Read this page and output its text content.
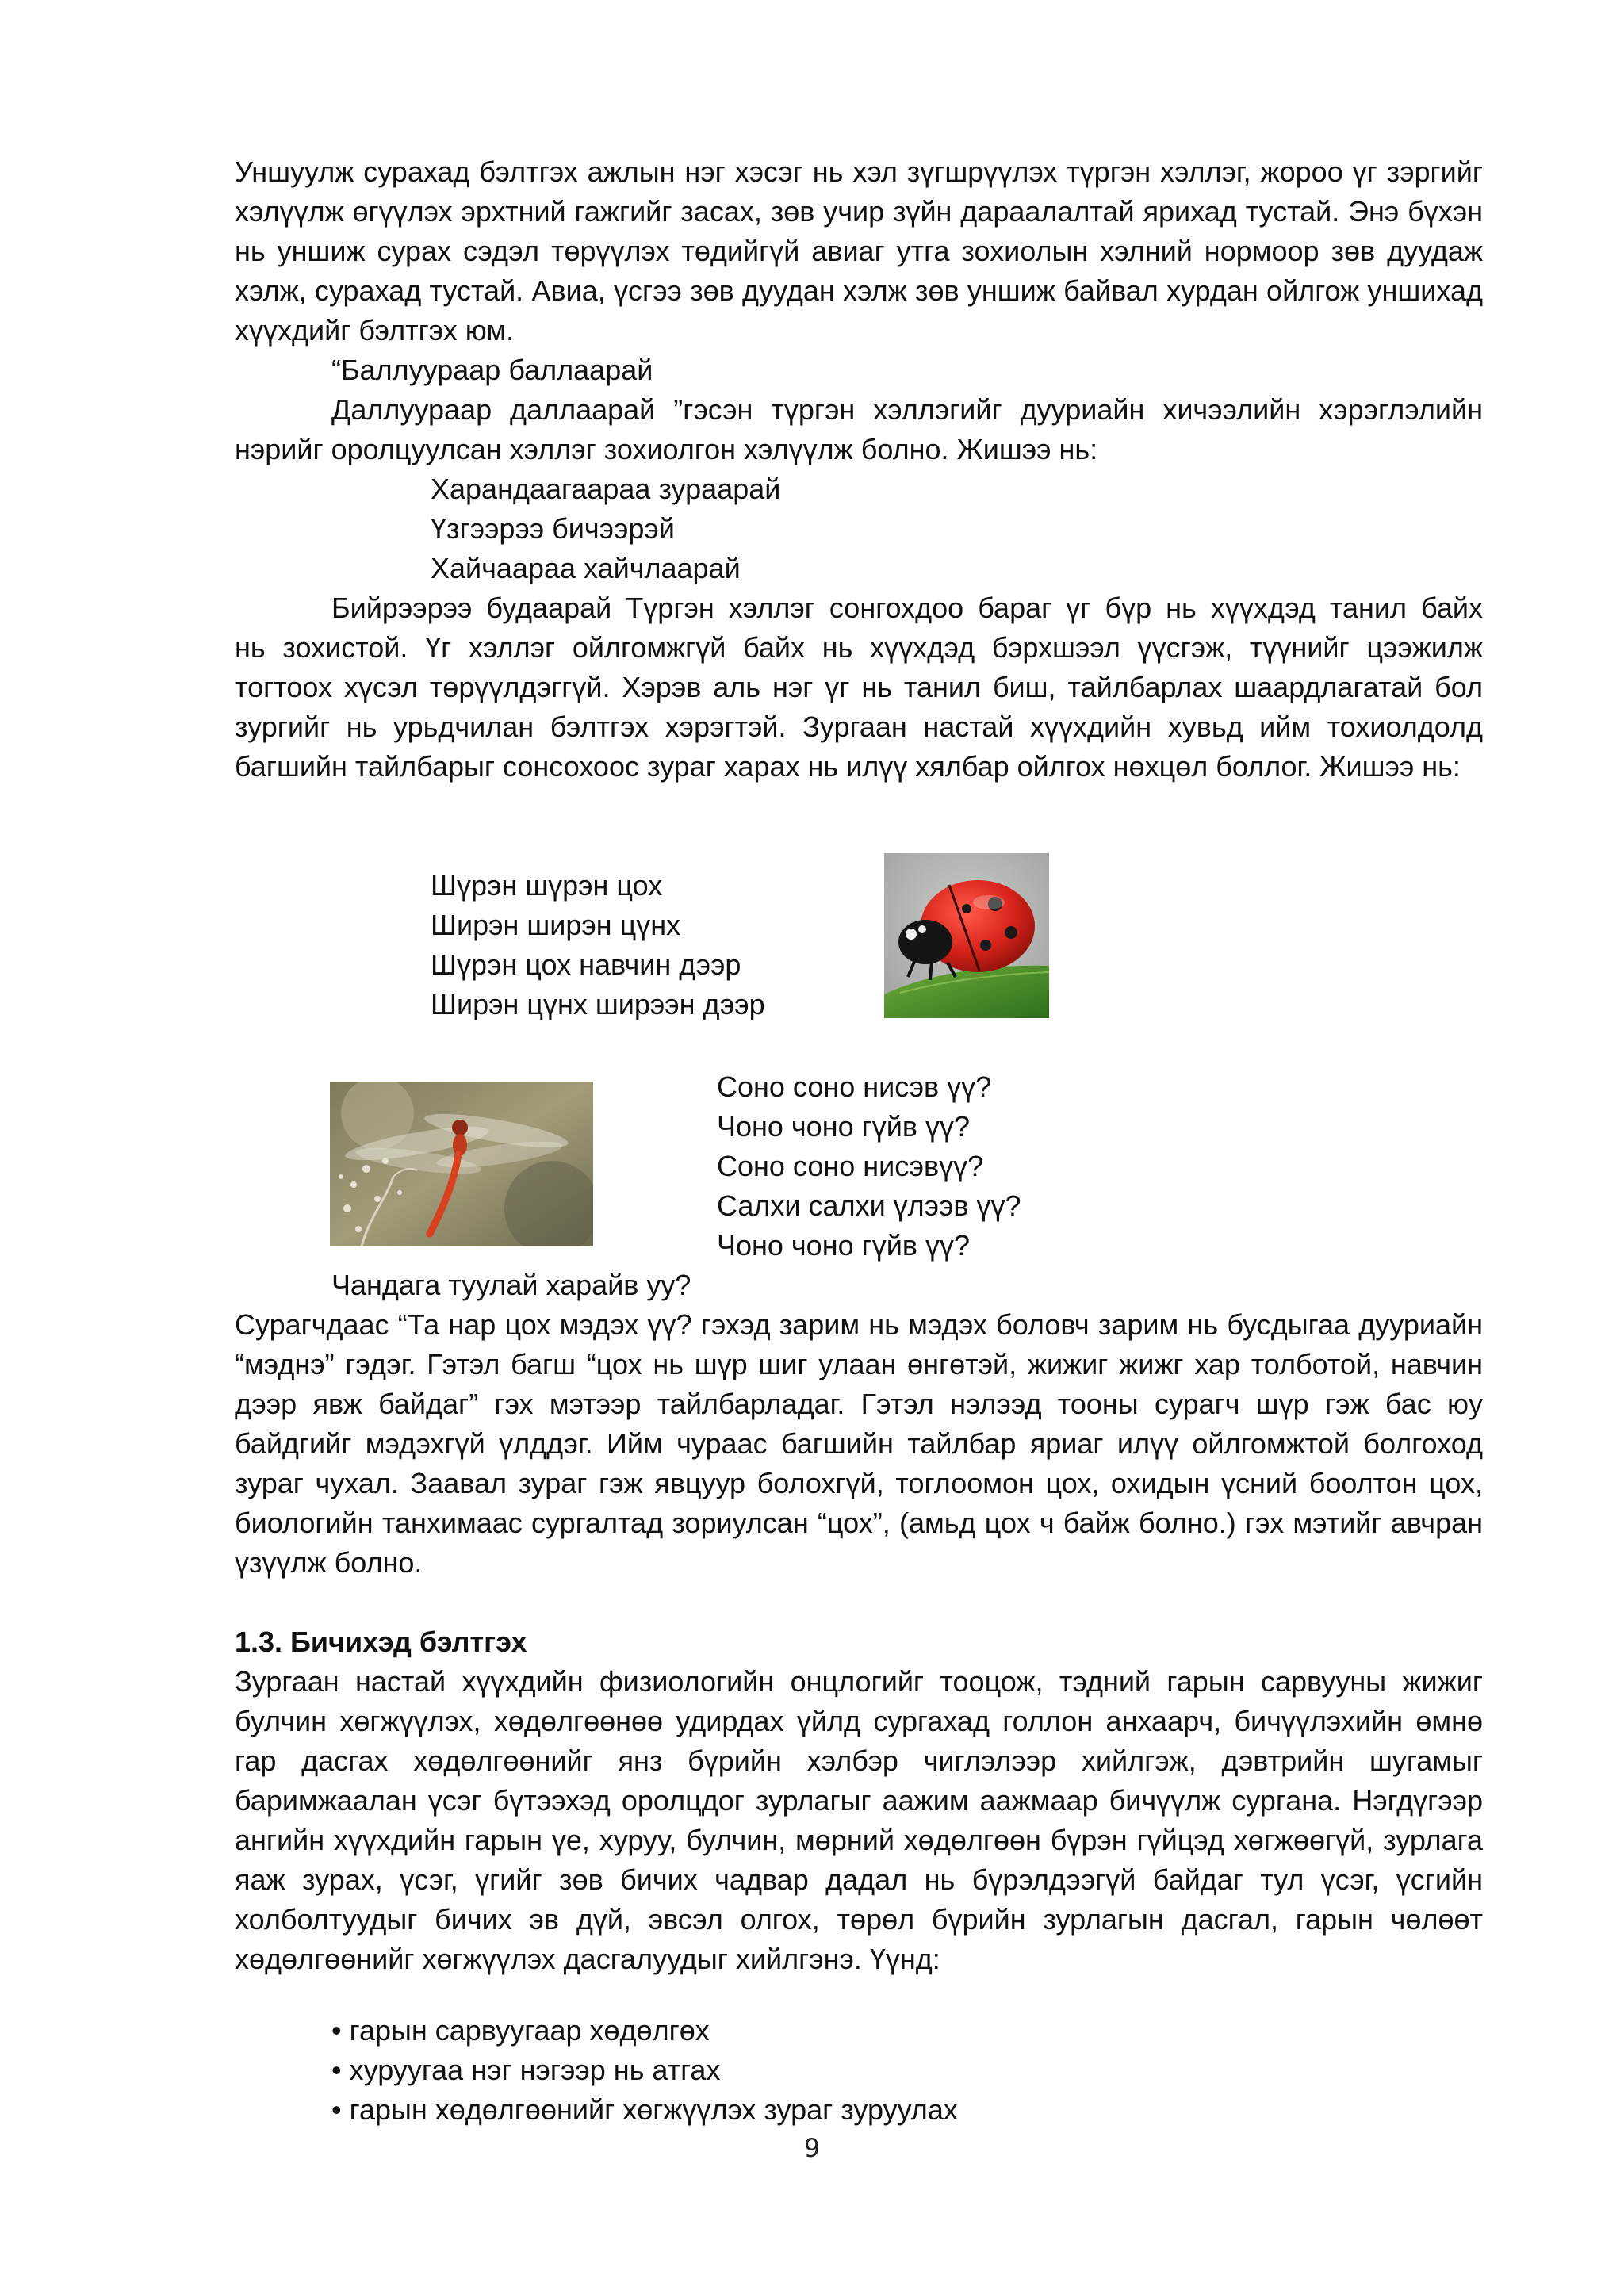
Уншуулж сурахад бэлтгэх ажлын нэг хэсэг нь хэл зүгшрүүлэх түргэн хэллэг, жороо үг зэргийг хэлүүлж өгүүлэх эрхтний гажгийг засах, зөв учир зүйн дараалалтай ярихад тустай. Энэ бүхэн нь уншиж сурах сэдэл төрүүлэх төдийгүй авиаг утга зохиолын хэлний нормоор зөв дуудаж хэлж, сурахад тустай. Авиа, үсгээ зөв дуудан хэлж зөв уншиж байвал хурдан ойлгож уншихад хүүхдийг бэлтгэх юм.
“Баллуураар баллаарай
Даллуураар даллаарай ”гэсэн түргэн хэллэгийг дууриайн хичээлийн хэрэглэлийн
нэрийг оролцуулсан хэллэг зохиолгон хэлүүлж болно. Жишээ нь:
Харандаагаараа зураарай
Үзгээрээ бичээрэй
Хайчаараа хайчлаарай
Бийрээрээ будаарай Түргэн хэллэг сонгохдоо бараг үг бүр нь хүүхдэд танил байх
нь зохистой. Үг хэллэг ойлгомжгүй байх нь хүүхдэд бэрхшээл үүсгэж, түүнийг цээжилж тогтоох хүсэл төрүүлдэггүй. Хэрэв аль нэг үг нь танил биш, тайлбарлах шаардлагатай бол зургийг нь урьдчилан бэлтгэх хэрэгтэй. Зургаан настай хүүхдийн хувьд ийм тохиолдолд багшийн тайлбарыг сонсохоос зураг харах нь илүү хялбар ойлгох нөхцөл боллог. Жишээ нь:
Шүрэн шүрэн цох
Ширэн ширэн цүнх
Шүрэн цох навчин дээр
Ширэн цүнх ширээн дээр
Соно соно нисэв үү?
Чоно чоно гүйв үү?
Соно соно нисэвүү?
Салхи салхи үлээв үү?
Чоно чоно гүйв үү?
Чандага туулай харайв уу?
Сурагчдаас “Та нар цох мэдэх үү? гэхэд зарим нь мэдэх боловч зарим нь бусдыгаа дууриайн “мэднэ” гэдэг. Гэтэл багш “цох нь шүр шиг улаан өнгөтэй, жижиг жижг хар толботой, навчин дээр явж байдаг” гэх мэтээр тайлбарладаг. Гэтэл нэлээд тооны сурагч шүр гэж бас юу байдгийг мэдэхгүй үлддэг. Ийм чураас багшийн тайлбар яриаг илүү ойлгомжтой болгоход зураг чухал. Заавал зураг гэж явцуур болохгүй, тоглоомон цох, охидын үсний боолтон цох, биологийн танхимаас сургалтад зориулсан “цох”, (амьд цох ч байж болно.) гэх мэтийг авчран үзүүлж болно.
1.3. Бичихэд бэлтгэх
Зургаан настай хүүхдийн физиологийн онцлогийг тооцож, тэдний гарын сарвууны жижиг булчин хөгжүүлэх, хөдөлгөөнөө удирдах үйлд сургахад голлон анхаарч, бичүүлэхийн өмнө гар дасгах хөдөлгөөнийг янз бүрийн хэлбэр чиглэлээр хийлгэж, дэвтрийн шугамыг баримжаалан үсэг бүтээхэд оролцдог зурлагыг аажим аажмаар бичүүлж сургана. Нэгдүгээр ангийн хүүхдийн гарын үе, хуруу, булчин, мөрний хөдөлгөөн бүрэн гүйцэд хөгжөөгүй, зурлага яаж зурах, үсэг, үгийг зөв бичих чадвар дадал нь бүрэлдээгүй байдаг тул үсэг, үсгийн холболтуудыг бичих эв дүй, эвсэл олгох, төрөл бүрийн зурлагын дасгал, гарын чөлөөт хөдөлгөөнийг хөгжүүлэх дасгалуудыг хийлгэнэ. Үүнд:
• гарын сарвуугаар хөдөлгөх
• хуруугаа нэг нэгээр нь атгах
• гарын хөдөлгөөнийг хөгжүүлэх зураг зуруулах
9
